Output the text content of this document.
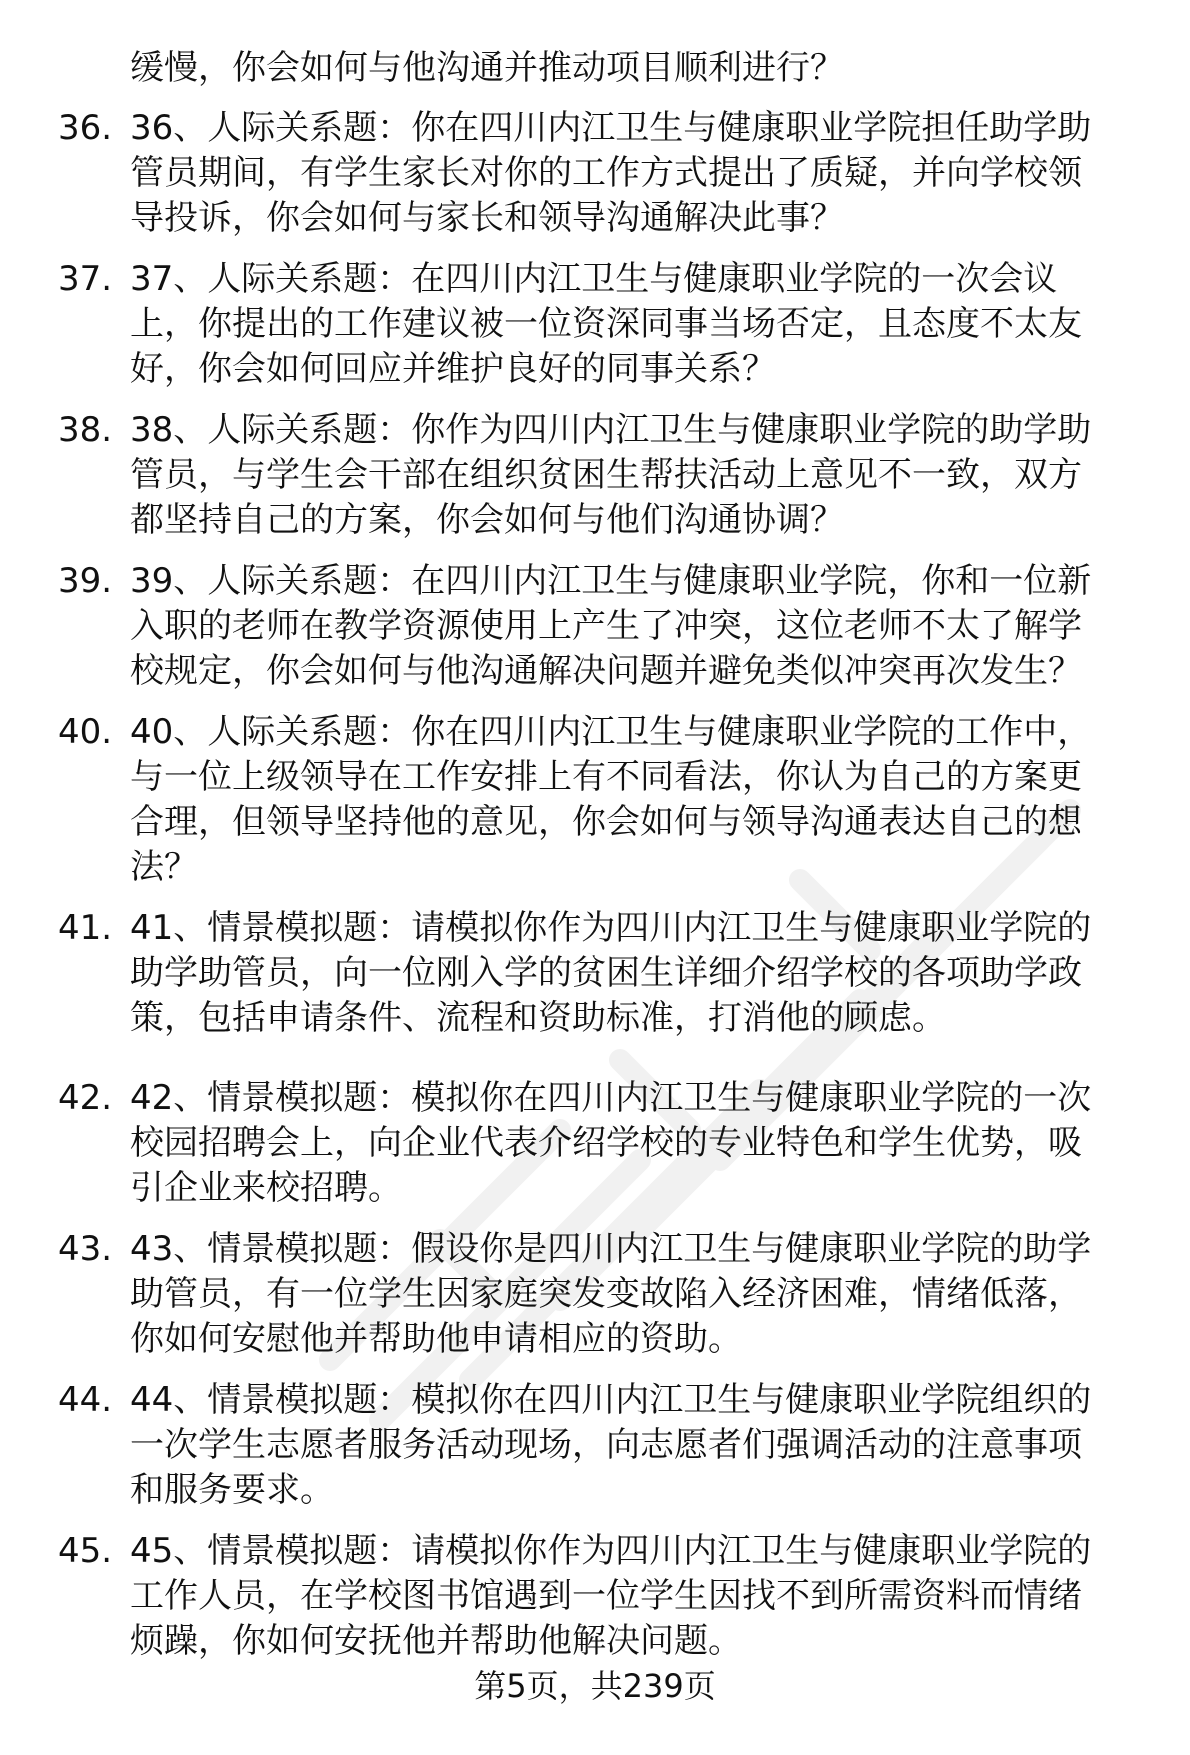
缓慢，你会如何与他沟通并推动项目顺利进行？
36. 36、人际关系题：你在四川内江卫生与健康职业学院担任助学助
管员期间，有学生家长对你的工作方式提出了质疑，并向学校领
导投诉，你会如何与家长和领导沟通解决此事？
37. 37、人际关系题：在四川内江卫生与健康职业学院的一次会议
上，你提出的工作建议被一位资深同事当场否定，且态度不太友
好，你会如何回应并维护良好的同事关系？
38. 38、人际关系题：你作为四川内江卫生与健康职业学院的助学助
管员，与学生会干部在组织贫困生帮扶活动上意见不一致，双方
都坚持自己的方案，你会如何与他们沟通协调？
39. 39、人际关系题：在四川内江卫生与健康职业学院，你和一位新
入职的老师在教学资源使用上产生了冲突，这位老师不太了解学
校规定，你会如何与他沟通解决问题并避免类似冲突再次发生？
40. 40、人际关系题：你在四川内江卫生与健康职业学院的工作中，
与一位上级领导在工作安排上有不同看法，你认为自己的方案更
合理，但领导坚持他的意见，你会如何与领导沟通表达自己的想
法？
41. 41、情景模拟题：请模拟你作为四川内江卫生与健康职业学院的
助学助管员，向一位刚入学的贫困生详细介绍学校的各项助学政
策，包括申请条件、流程和资助标准，打消他的顾虑。
42. 42、情景模拟题：模拟你在四川内江卫生与健康职业学院的一次
校园招聘会上，向企业代表介绍学校的专业特色和学生优势，吸
引企业来校招聘。
43. 43、情景模拟题：假设你是四川内江卫生与健康职业学院的助学
助管员，有一位学生因家庭突发变故陷入经济困难，情绪低落，
你如何安慰他并帮助他申请相应的资助。
44. 44、情景模拟题：模拟你在四川内江卫生与健康职业学院组织的
一次学生志愿者服务活动现场，向志愿者们强调活动的注意事项
和服务要求。
45. 45、情景模拟题：请模拟你作为四川内江卫生与健康职业学院的
工作人员，在学校图书馆遇到一位学生因找不到所需资料而情绪
烦躁，你如何安抚他并帮助他解决问题。
第5页，共239页
